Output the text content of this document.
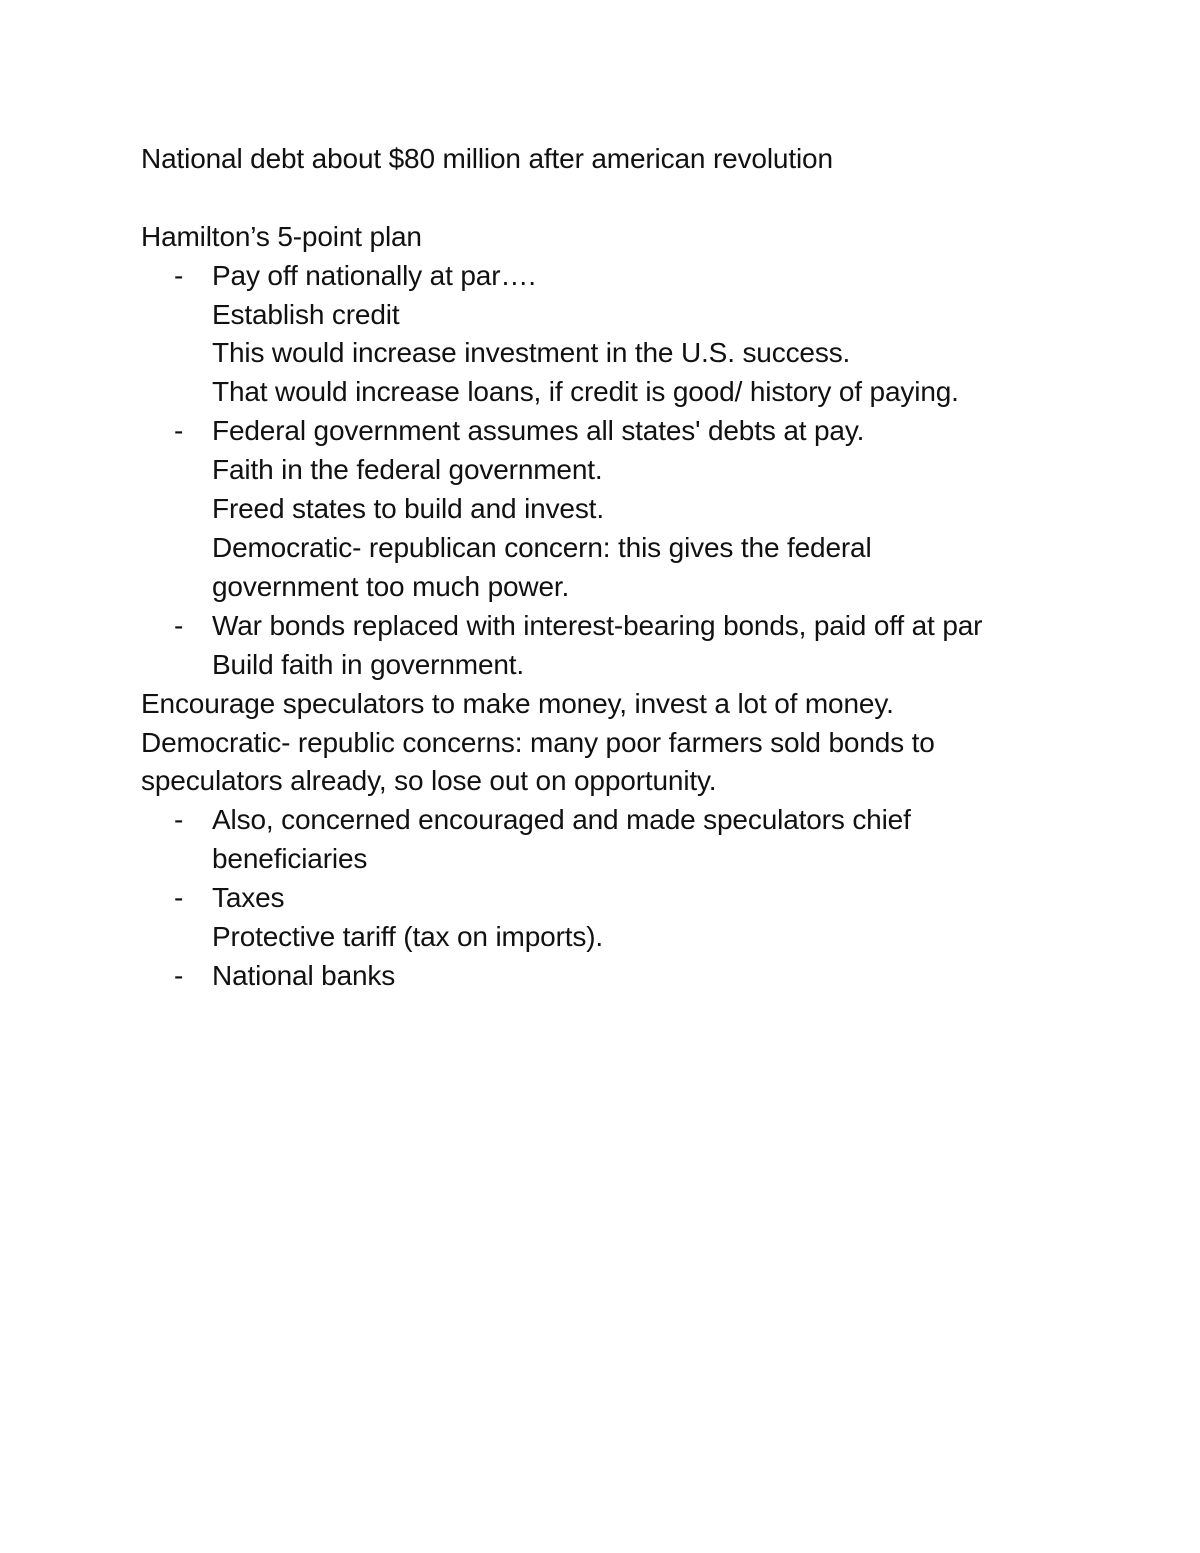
National debt about $80 million after american revolution
Hamilton’s 5-point plan
- Pay off nationally at par….
Establish credit
This would increase investment in the U.S. success.
That would increase loans, if credit is good/ history of paying.
- Federal government assumes all states' debts at pay.
Faith in the federal government.
Freed states to build and invest.
Democratic- republican concern: this gives the federal
government too much power.
- War bonds replaced with interest-bearing bonds, paid off at par
Build faith in government.
Encourage speculators to make money, invest a lot of money.
Democratic- republic concerns: many poor farmers sold bonds to
speculators already, so lose out on opportunity.
- Also, concerned encouraged and made speculators chief
beneficiaries
- Taxes
Protective tariff (tax on imports).
- National banks
